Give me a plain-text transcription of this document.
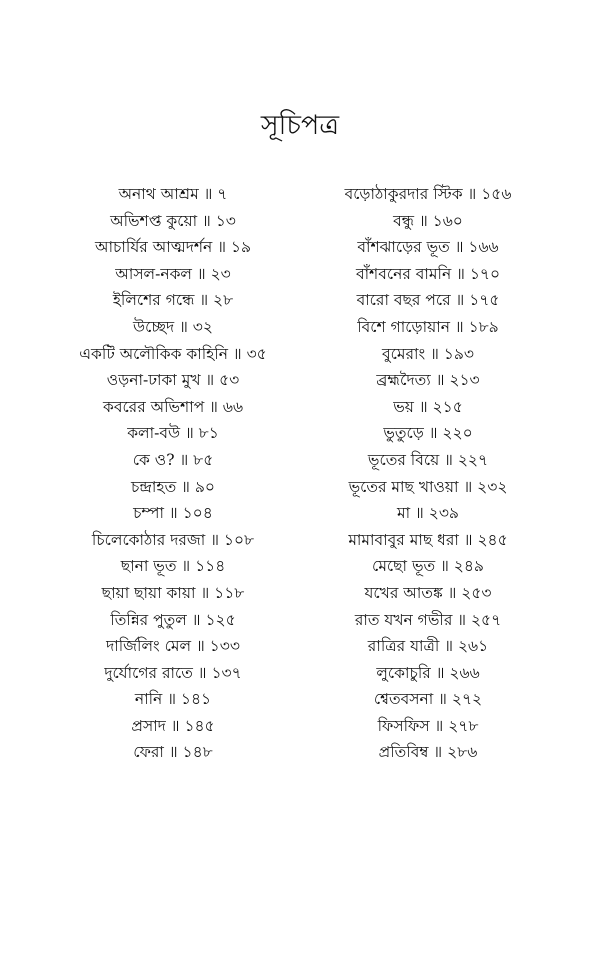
সূচিপত্র
অনাথ আশ্রম ॥ ৭
অভিশপ্ত কুয়ো ॥ ১৩
আচার্যির আত্মদর্শন ॥ ১৯
আসল-নকল ॥ ২৩
ইলিশের গন্ধে ॥ ২৮
উচ্ছেদ ॥ ৩২
একটি অলৌকিক কাহিনি ॥ ৩৫
ওড়না-ঢাকা মুখ ॥ ৫৩
কবরের অভিশাপ ॥ ৬৬
কলা-বউ ॥ ৮১
কে ও? ॥ ৮৫
চন্দ্রাহত ॥ ৯০
চম্পা ॥ ১০৪
চিলেকোঠার দরজা ॥ ১০৮
ছানা ভূত ॥ ১১৪
ছায়া ছায়া কায়া ॥ ১১৮
তিন্নির পুতুল ॥ ১২৫
দার্জিলিং মেল ॥ ১৩৩
দুর্যোগের রাতে ॥ ১৩৭
নানি ॥ ১৪১
প্রসাদ ॥ ১৪৫
ফেরা ॥ ১৪৮
বড়োঠাকুরদার স্টিক ॥ ১৫৬
বন্ধু ॥ ১৬০
বাঁশঝাড়ের ভূত ॥ ১৬৬
বাঁশবনের বামনি ॥ ১৭০
বারো বছর পরে ॥ ১৭৫
বিশে গাড়োয়ান ॥ ১৮৯
বুমেরাং ॥ ১৯৩
ব্রহ্মদৈত্য ॥ ২১৩
ভয় ॥ ২১৫
ভুতুড়ে ॥ ২২০
ভূতের বিয়ে ॥ ২২৭
ভূতের মাছ খাওয়া ॥ ২৩২
মা ॥ ২৩৯
মামাবাবুর মাছ ধরা ॥ ২৪৫
মেছো ভূত ॥ ২৪৯
যখের আতঙ্ক ॥ ২৫৩
রাত যখন গভীর ॥ ২৫৭
রাত্রির যাত্রী ॥ ২৬১
লুকোচুরি ॥ ২৬৬
শ্বেতবসনা ॥ ২৭২
ফিসফিস ॥ ২৭৮
প্রতিবিম্ব ॥ ২৮৬
